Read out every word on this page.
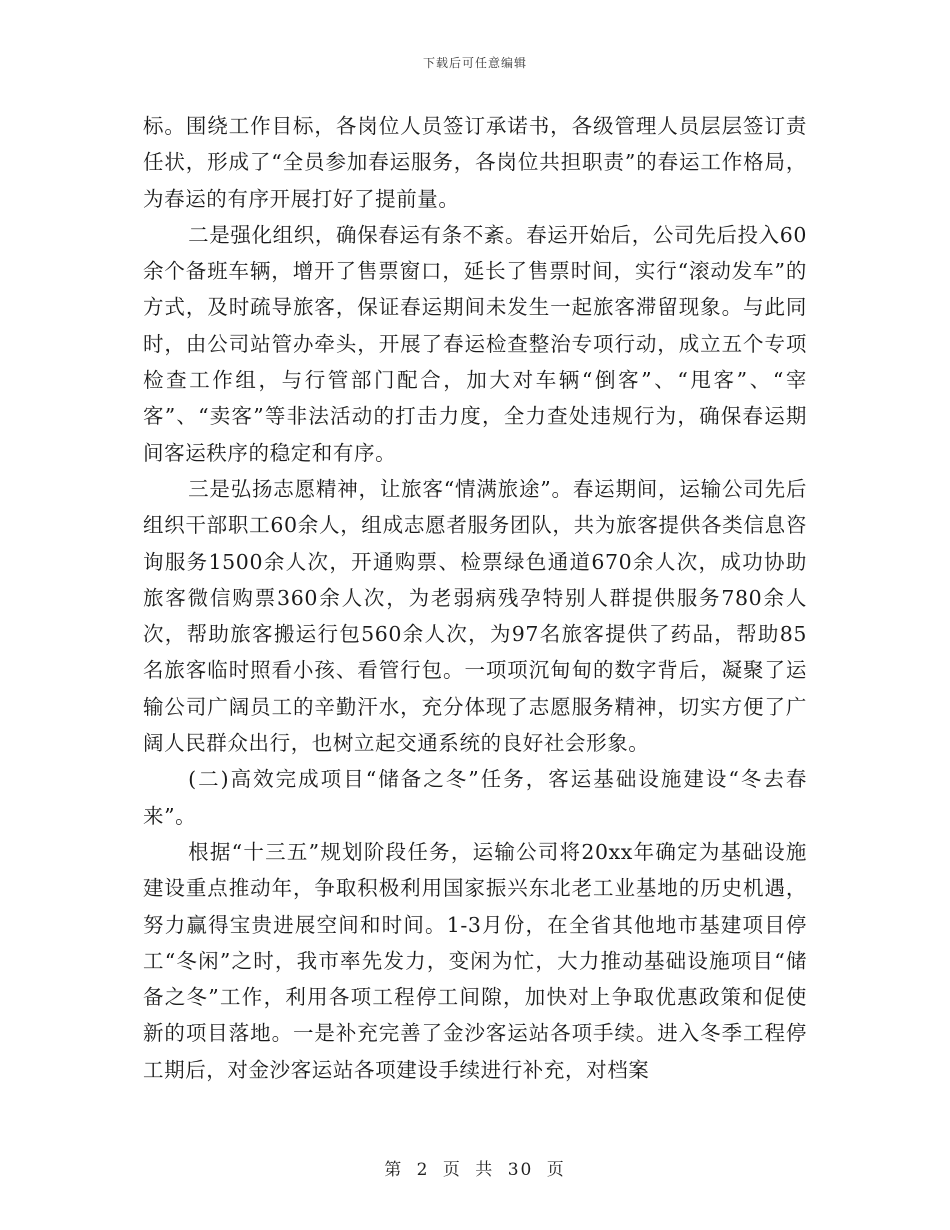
下载后可任意编辑

标。围绕工作目标，各岗位人员签订承诺书，各级管理人员层层签订责任状，形成了“全员参加春运服务，各岗位共担职责”的春运工作格局，为春运的有序开展打好了提前量。

二是强化组织，确保春运有条不紊。春运开始后，公司先后投入60余个备班车辆，增开了售票窗口，延长了售票时间，实行“滚动发车”的方式，及时疏导旅客，保证春运期间未发生一起旅客滞留现象。与此同时，由公司站管办牵头，开展了春运检查整治专项行动，成立五个专项检查工作组，与行管部门配合，加大对车辆“倒客”、“甩客”、“宰客”、“卖客”等非法活动的打击力度，全力查处违规行为，确保春运期间客运秩序的稳定和有序。

三是弘扬志愿精神，让旅客“情满旅途”。春运期间，运输公司先后组织干部职工60余人，组成志愿者服务团队，共为旅客提供各类信息咨询服务1500余人次，开通购票、检票绿色通道670余人次，成功协助旅客微信购票360余人次，为老弱病残孕特别人群提供服务780余人次，帮助旅客搬运行包560余人次，为97名旅客提供了药品，帮助85名旅客临时照看小孩、看管行包。一项项沉甸甸的数字背后，凝聚了运输公司广阔员工的辛勤汗水，充分体现了志愿服务精神，切实方便了广阔人民群众出行，也树立起交通系统的良好社会形象。

(二)高效完成项目“储备之冬”任务，客运基础设施建设“冬去春来”。

根据“十三五”规划阶段任务，运输公司将20xx年确定为基础设施建设重点推动年，争取积极利用国家振兴东北老工业基地的历史机遇，努力赢得宝贵进展空间和时间。1-3月份，在全省其他地市基建项目停工“冬闲”之时，我市率先发力，变闲为忙，大力推动基础设施项目“储备之冬”工作，利用各项工程停工间隙，加快对上争取优惠政策和促使新的项目落地。一是补充完善了金沙客运站各项手续。进入冬季工程停工期后，对金沙客运站各项建设手续进行补充，对档案

第 2 页 共 30 页
